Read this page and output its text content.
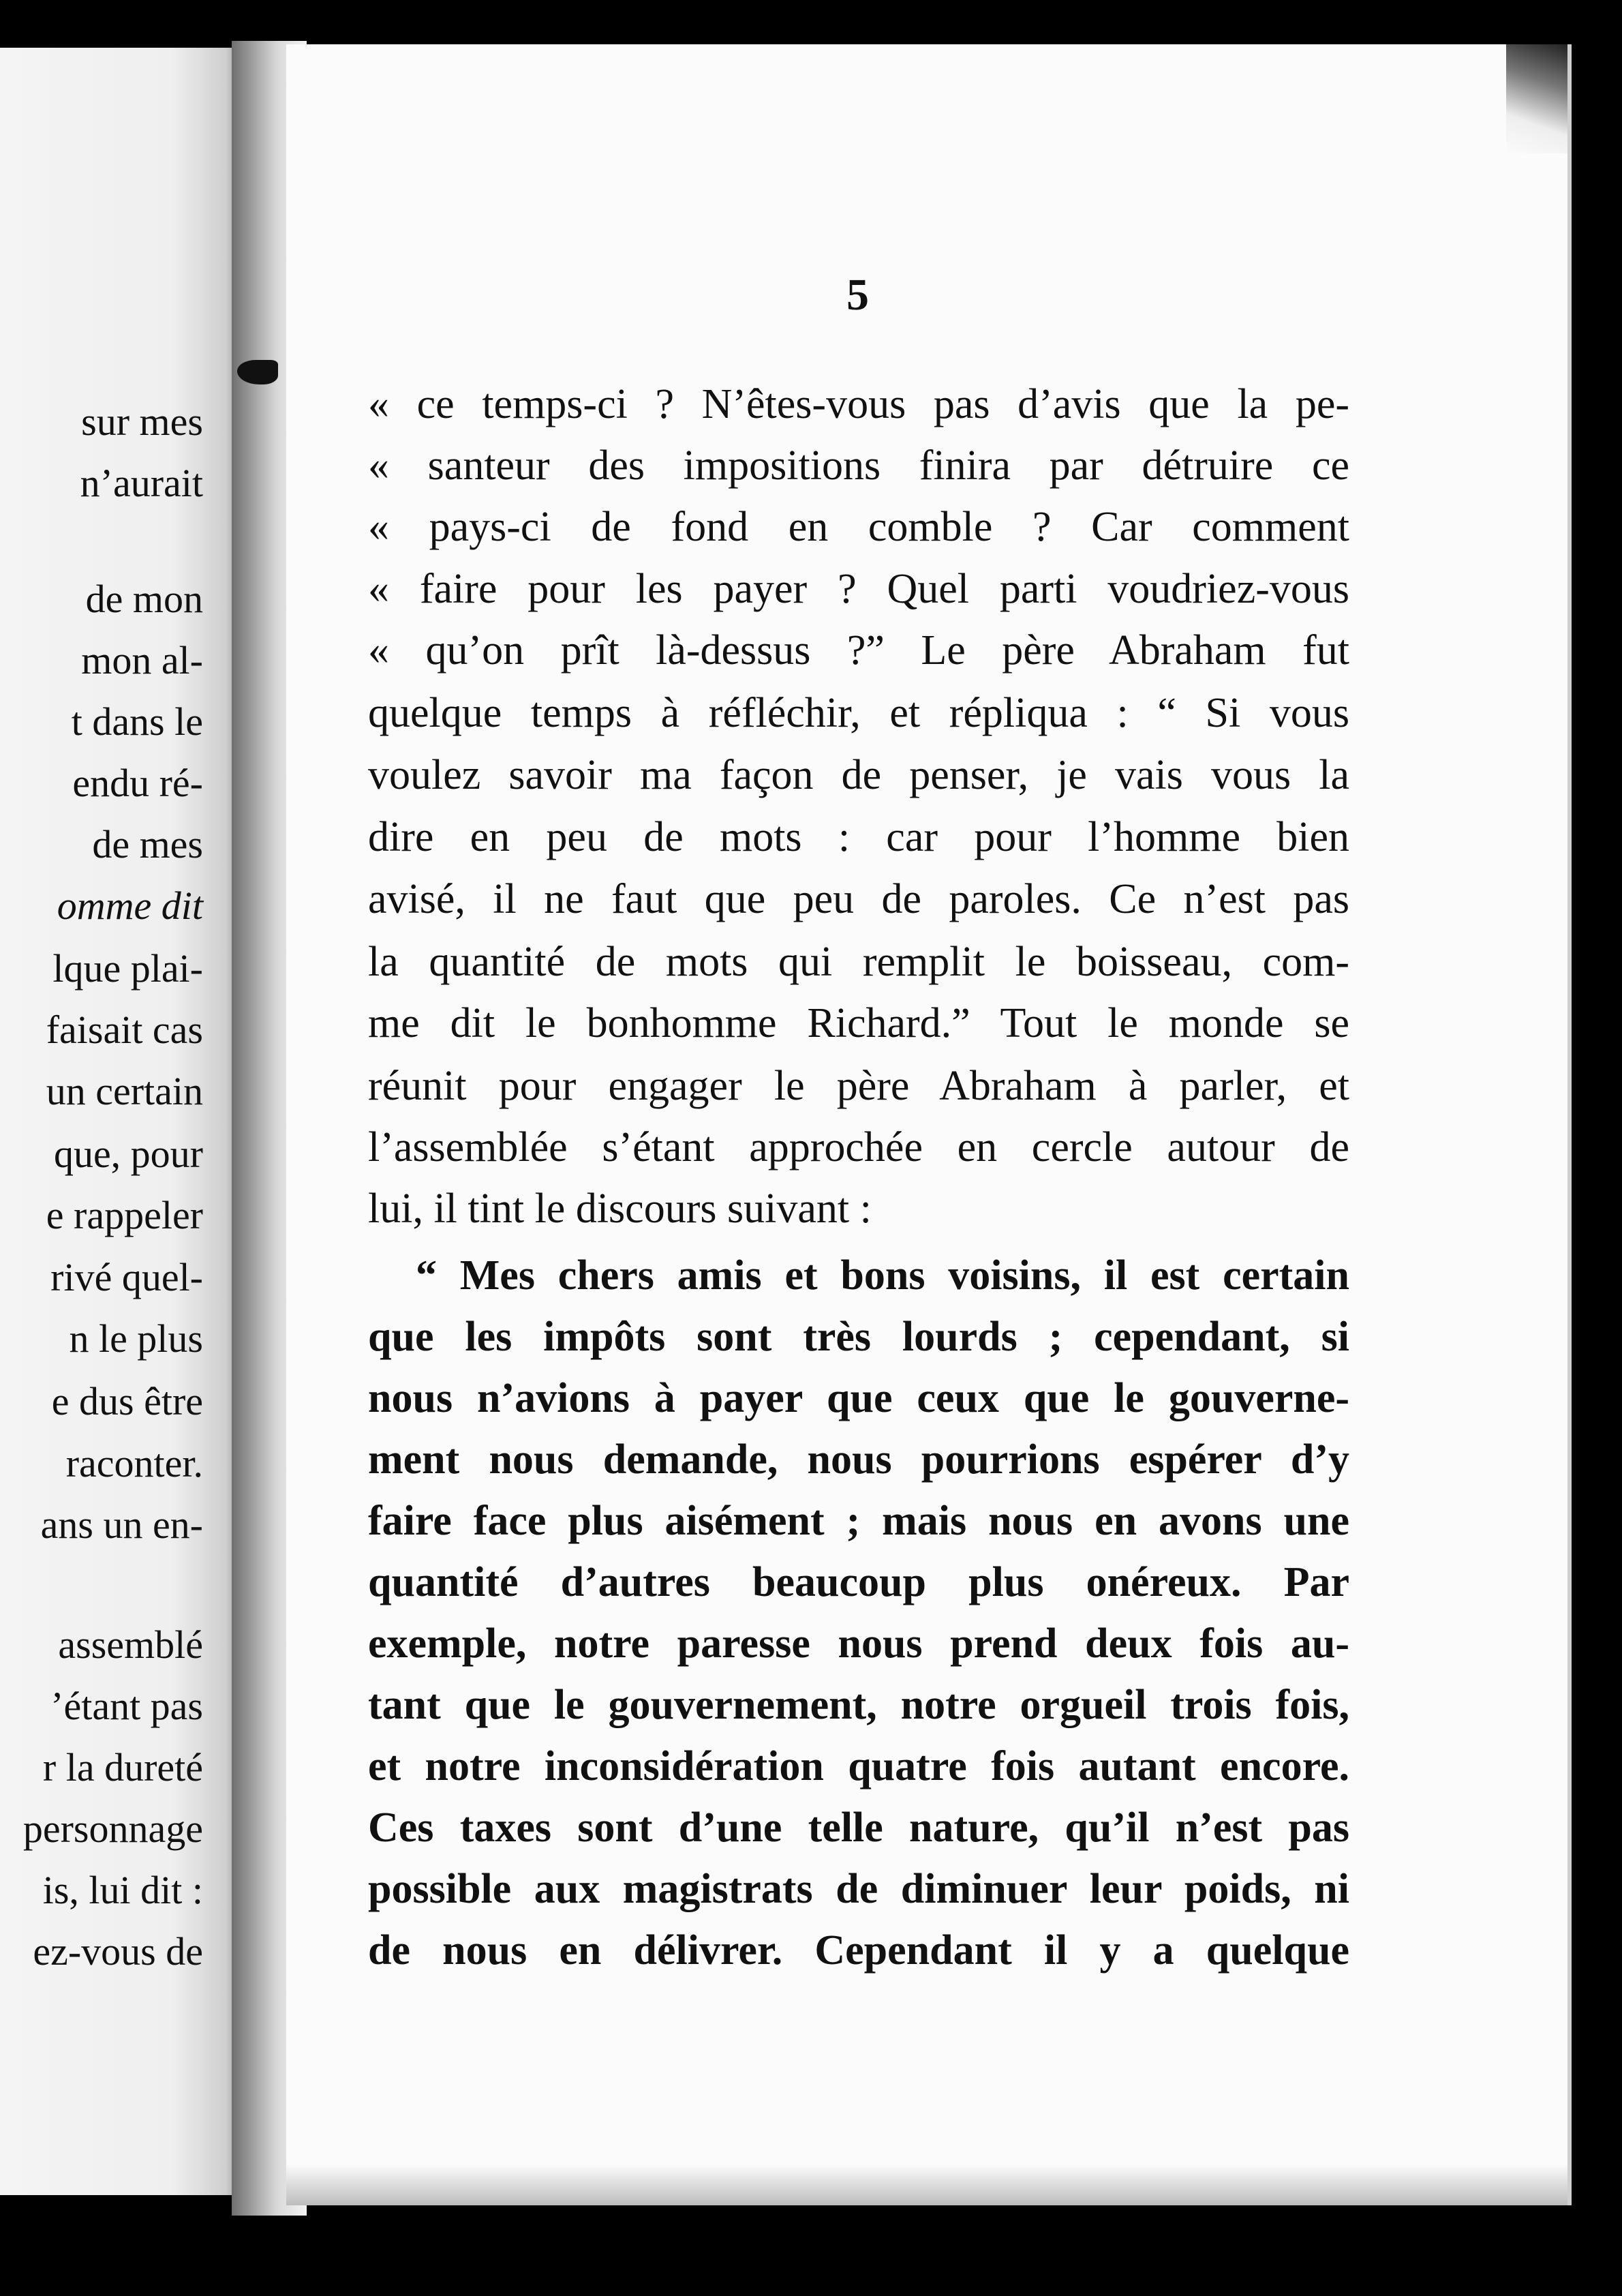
sur mes
n’aurait
de mon
mon al-
t dans le
endu ré-
de mes
omme dit
lque plai-
faisait cas
un certain
que, pour
e rappeler
rivé quel-
n le plus
e dus être
raconter.
ans un en-
assemblé
’étant pas
r la dureté
personnage
is, lui dit :
ez-vous de
5
« ce temps-ci ? N’êtes-vous pas d’avis que la pe-
« santeur des impositions finira par détruire ce
« pays-ci de fond en comble ? Car comment
« faire pour les payer ? Quel parti voudriez-vous
« qu’on prît là-dessus ?” Le père Abraham fut
quelque temps à réfléchir, et répliqua : “ Si vous
voulez savoir ma façon de penser, je vais vous la
dire en peu de mots : car pour l’homme bien
avisé, il ne faut que peu de paroles. Ce n’est pas
la quantité de mots qui remplit le boisseau, com-
me dit le bonhomme Richard.” Tout le monde se
réunit pour engager le père Abraham à parler, et
l’assemblée s’étant approchée en cercle autour de
lui, il tint le discours suivant :
“ Mes chers amis et bons voisins, il est certain
que les impôts sont très lourds ; cependant, si
nous n’avions à payer que ceux que le gouverne-
ment nous demande, nous pourrions espérer d’y
faire face plus aisément ; mais nous en avons une
quantité d’autres beaucoup plus onéreux. Par
exemple, notre paresse nous prend deux fois au-
tant que le gouvernement, notre orgueil trois fois,
et notre inconsidération quatre fois autant encore.
Ces taxes sont d’une telle nature, qu’il n’est pas
possible aux magistrats de diminuer leur poids, ni
de nous en délivrer. Cependant il y a quelque
